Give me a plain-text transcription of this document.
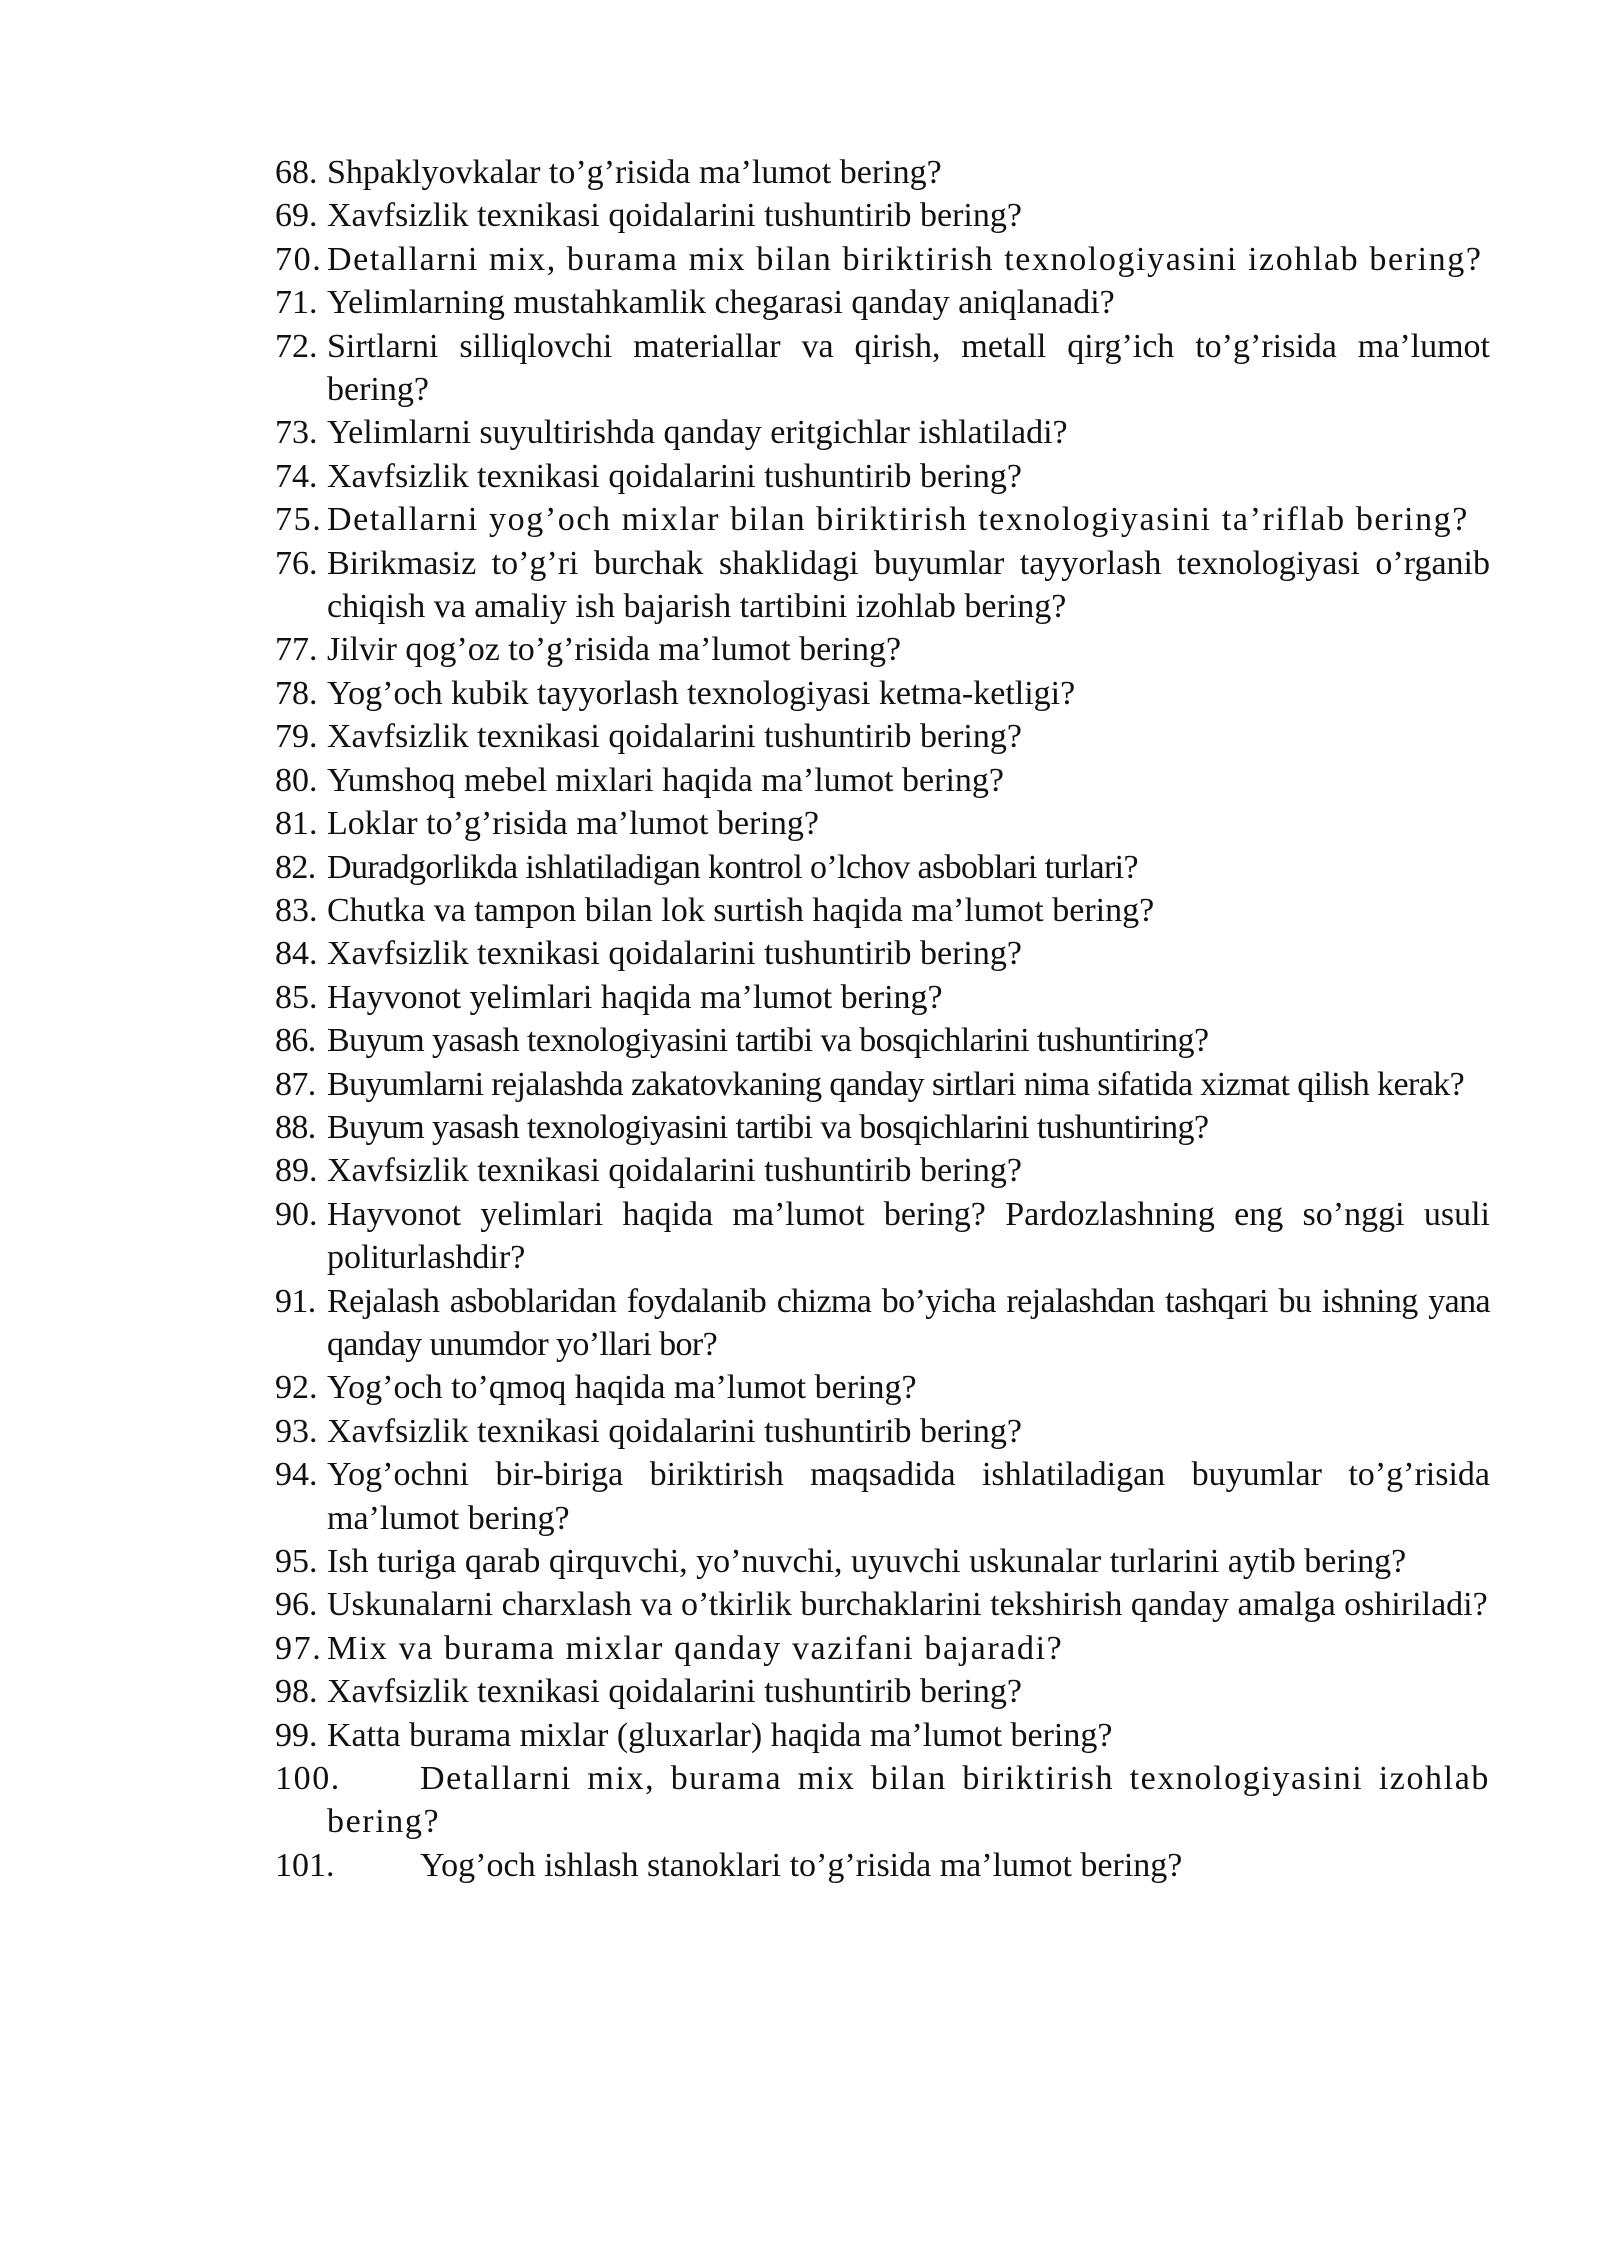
68. Shpaklyovkalar to’g’risida ma’lumot bering?
69. Xavfsizlik texnikasi qoidalarini tushuntirib bering?
70. Detallarni mix, burama mix bilan biriktirish texnologiyasini izohlab bering?
71. Yelimlarning mustahkamlik chegarasi qanday aniqlanadi?
72. Sirtlarni silliqlovchi materiallar va qirish, metall qirg’ich to’g’risida ma’lumot bering?
73. Yelimlarni suyultirishda qanday eritgichlar ishlatiladi?
74. Xavfsizlik texnikasi qoidalarini tushuntirib bering?
75. Detallarni yog’och mixlar bilan biriktirish texnologiyasini ta’riflab bering?
76. Birikmasiz to’g’ri burchak shaklidagi buyumlar tayyorlash texnologiyasi o’rganib chiqish va amaliy ish bajarish tartibini izohlab bering?
77. Jilvir qog’oz to’g’risida ma’lumot bering?
78. Yog’och kubik tayyorlash texnologiyasi ketma-ketligi?
79. Xavfsizlik texnikasi qoidalarini tushuntirib bering?
80. Yumshoq mebel mixlari haqida ma’lumot bering?
81. Loklar to’g’risida ma’lumot bering?
82. Duradgorlikda ishlatiladigan kontrol o’lchov asboblari turlari?
83. Chutka va tampon bilan lok surtish haqida ma’lumot bering?
84. Xavfsizlik texnikasi qoidalarini tushuntirib bering?
85. Hayvonot yelimlari haqida ma’lumot bering?
86. Buyum yasash texnologiyasini tartibi va bosqichlarini tushuntiring?
87. Buyumlarni rejalashda zakatovkaning qanday sirtlari nima sifatida xizmat qilish kerak?
88. Buyum yasash texnologiyasini tartibi va bosqichlarini tushuntiring?
89. Xavfsizlik texnikasi qoidalarini tushuntirib bering?
90. Hayvonot yelimlari haqida ma’lumot bering? Pardozlashning eng so’nggi usuli politurlashdir?
91. Rejalash asboblaridan foydalanib chizma bo’yicha rejalashdan tashqari bu ishning yana qanday unumdor yo’llari bor?
92. Yog’och to’qmoq haqida ma’lumot bering?
93. Xavfsizlik texnikasi qoidalarini tushuntirib bering?
94. Yog’ochni bir-biriga biriktirish maqsadida ishlatiladigan buyumlar to’g’risida ma’lumot bering?
95. Ish turiga qarab qirquvchi, yo’nuvchi, uyuvchi uskunalar turlarini aytib bering?
96. Uskunalarni charxlash va o’tkirlik burchaklarini tekshirish qanday amalga oshiriladi?
97. Mix va burama mixlar qanday vazifani bajaradi?
98. Xavfsizlik texnikasi qoidalarini tushuntirib bering?
99. Katta burama mixlar (gluxarlar) haqida ma’lumot bering?
100.	Detallarni mix, burama mix bilan biriktirish texnologiyasini izohlab bering?
101.	Yog’och ishlash stanoklari to’g’risida ma’lumot bering?
